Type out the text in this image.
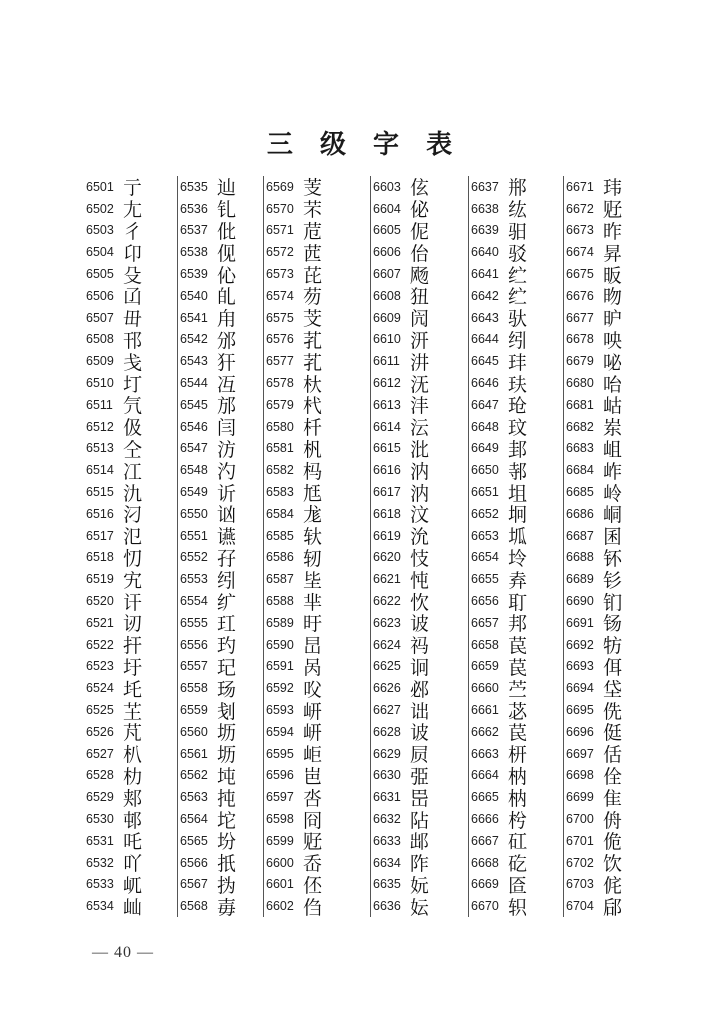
三 级 字 表
6501 亍
6502 尢
6503 彳
6504 卬
6505 殳
6506 𠙶
6507 毌
6508 邗
6509 戋
6510 圢
6511 氕
6512 伋
6513 仝
6514 冮
6515 氿
6516 汈
6517 氾
6518 忉
6519 宄
6520 讦
6521 讱
6522 扞
6523 圩
6524 圫
6525 芏
6526 芃
6527 朳
6528 朸
6529 郏
6530 邨
6531 吒
6532 吖
6533 屼
6534 屾
6535 辿
6536 钆
6537 仳
6538 伣
6539 伈
6540 癿
6541 甪
6542 邠
6543 犴
6544 冱
6545 邡
6546 闫
6547 汸
6548 汋
6549 䜣
6550 讻
6551 䜩
6552 孖
6553 纼
6554 纩
6555 玒
6556 玓
6557 玘
6558 玚
6559 刬
6560 坜
6561 坜
6562 坉
6563 扽
6564 坨
6565 坋
6566 扺
6567 㧑
6568 毐
6569 芰
6570 芣
6571 苊
6572 苉
6573 芘
6574 芴
6575 芠
6576 芤
6577 芤
6578 杕
6579 杙
6580 杄
6581 杋
6582 杩
6583 尪
6584 尨
6585 轪
6586 轫
6587 坒
6588 芈
6589 旴
6590 旵
6591 呙
6592 㕮
6593 岍
6594 岍
6595 岠
6596 岜
6597 呇
6598 冏
6599 觃
6600 岙
6601 伾
6602 㑇
6603 伭
6604 佖
6605 伲
6606 佁
6607 飏
6608 狃
6609 闶
6610 汧
6611 汫
6612 𣲘
6613 沣
6614 沄
6615 沘
6616 汭
6617 汭
6618 汶
6619 沇
6620 忮
6621 忳
6622 忺
6623 诐
6624 祃
6625 诇
6626 邲
6627 诎
6628 诐
6629 屃
6630 弫
6631 岊
6632 阽
6633 䢺
6634 阼
6635 妧
6636 妘
6637 郱
6638 纮
6639 驲
6640 驳
6641 纻
6642 纻
6643 驮
6644 纼
6645 玤
6646 玞
6647 玱
6648 玟
6649 邽
6650 邿
6651 坥
6652 坰
6653 坬
6654 坽
6655 弆
6656 耵
6657 邦
6658 苠
6659 苠
6660 苎
6661 苾
6662 苠
6663 枅
6664 枘
6665 枘
6666 枍
6667 矼
6668 矻
6669 匼
6670 轵
6671 玮
6672 觃
6673 昨
6674 昇
6675 昄
6676 昒
6677 昈
6678 咉
6679 咇
6680 咍
6681 岵
6682 岽
6683 岨
6684 岞
6685 岭
6686 峒
6687 囷
6688 钚
6689 钐
6690 钔
6691 钖
6692 牥
6693 佴
6694 垈
6695 侁
6696 侹
6697 佸
6698 佺
6699 隹
6700 侜
6701 佹
6702 饮
6703 侂
6704 郈
— 40 —
